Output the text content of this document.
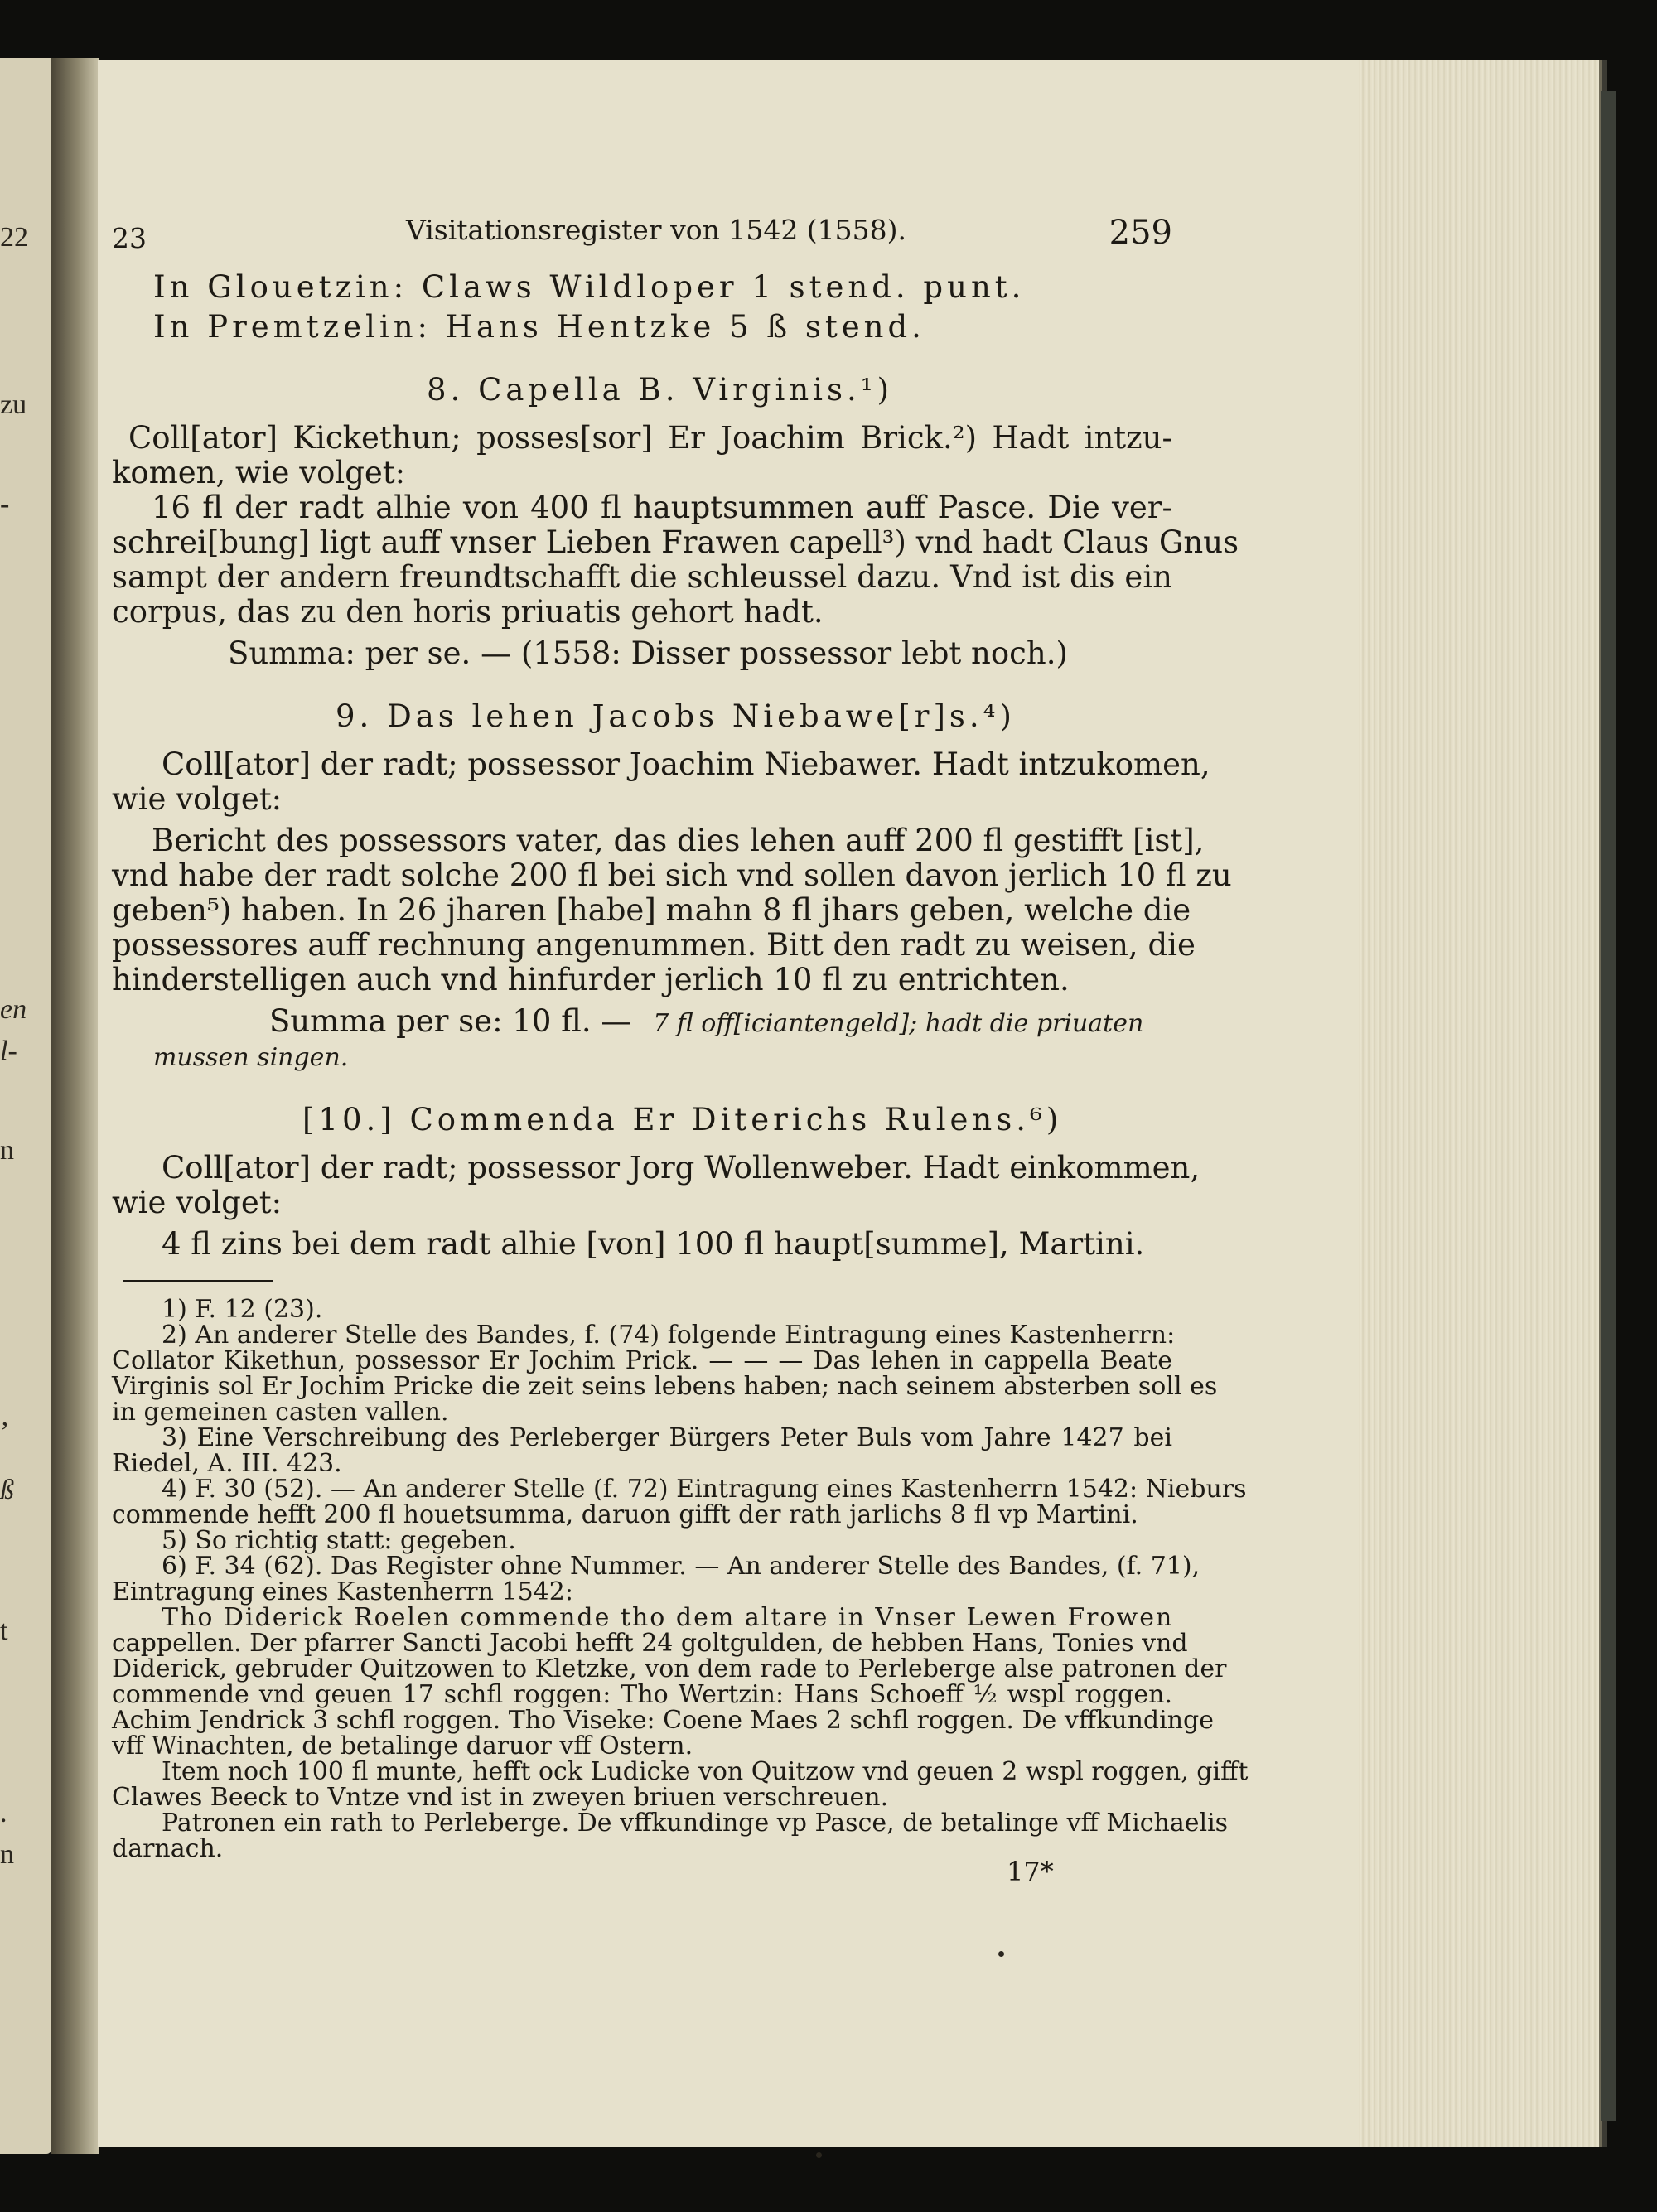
22
zu
-
en
l-
n
’
ß
t
.
n
23	Visitationsregister von 1542 (1558).	259
In Glouetzin: Claws Wildloper 1 stend. punt.
In Premtzelin: Hans Hentzke 5 ß stend.
8. Capella B. Virginis.¹)
Coll[ator] Kickethun; posses[sor] Er Joachim Brick.²) Hadt intzu-
komen, wie volget:
16 fl der radt alhie von 400 fl hauptsummen auff Pasce. Die ver-
schrei[bung] ligt auff vnser Lieben Frawen capell³) vnd hadt Claus Gnus
sampt der andern freundtschafft die schleussel dazu. Vnd ist dis ein
corpus, das zu den horis priuatis gehort hadt.
Summa: per se. — (1558: Disser possessor lebt noch.)
9. Das lehen Jacobs Niebawe[r]s.⁴)
Coll[ator] der radt; possessor Joachim Niebawer. Hadt intzukomen,
wie volget:
Bericht des possessors vater, das dies lehen auff 200 fl gestifft [ist],
vnd habe der radt solche 200 fl bei sich vnd sollen davon jerlich 10 fl zu
geben⁵) haben. In 26 jharen [habe] mahn 8 fl jhars geben, welche die
possessores auff rechnung angenummen. Bitt den radt zu weisen, die
hinderstelligen auch vnd hinfurder jerlich 10 fl zu entrichten.
Summa per se: 10 fl. — 7 fl off[iciantengeld]; hadt die priuaten
mussen singen.
[10.] Commenda Er Diterichs Rulens.⁶)
Coll[ator] der radt; possessor Jorg Wollenweber. Hadt einkommen,
wie volget:
4 fl zins bei dem radt alhie [von] 100 fl haupt[summe], Martini.
1) F. 12 (23).
2) An anderer Stelle des Bandes, f. (74) folgende Eintragung eines Kastenherrn:
Collator Kikethun, possessor Er Jochim Prick. — — — Das lehen in cappella Beate
Virginis sol Er Jochim Pricke die zeit seins lebens haben; nach seinem absterben soll es
in gemeinen casten vallen.
3) Eine Verschreibung des Perleberger Bürgers Peter Buls vom Jahre 1427 bei
Riedel, A. III. 423.
4) F. 30 (52). — An anderer Stelle (f. 72) Eintragung eines Kastenherrn 1542: Nieburs
commende hefft 200 fl houetsumma, daruon gifft der rath jarlichs 8 fl vp Martini.
5) So richtig statt: gegeben.
6) F. 34 (62). Das Register ohne Nummer. — An anderer Stelle des Bandes, (f. 71),
Eintragung eines Kastenherrn 1542:
Tho Diderick Roelen commende tho dem altare in Vnser Lewen Frowen
cappellen. Der pfarrer Sancti Jacobi hefft 24 goltgulden, de hebben Hans, Tonies vnd
Diderick, gebruder Quitzowen to Kletzke, von dem rade to Perleberge alse patronen der
commende vnd geuen 17 schfl roggen: Tho Wertzin: Hans Schoeff ½ wspl roggen.
Achim Jendrick 3 schfl roggen. Tho Viseke: Coene Maes 2 schfl roggen. De vffkundinge
vff Winachten, de betalinge daruor vff Ostern.
Item noch 100 fl munte, hefft ock Ludicke von Quitzow vnd geuen 2 wspl roggen, gifft
Clawes Beeck to Vntze vnd ist in zweyen briuen verschreuen.
Patronen ein rath to Perleberge. De vffkundinge vp Pasce, de betalinge vff Michaelis
darnach.
17*
